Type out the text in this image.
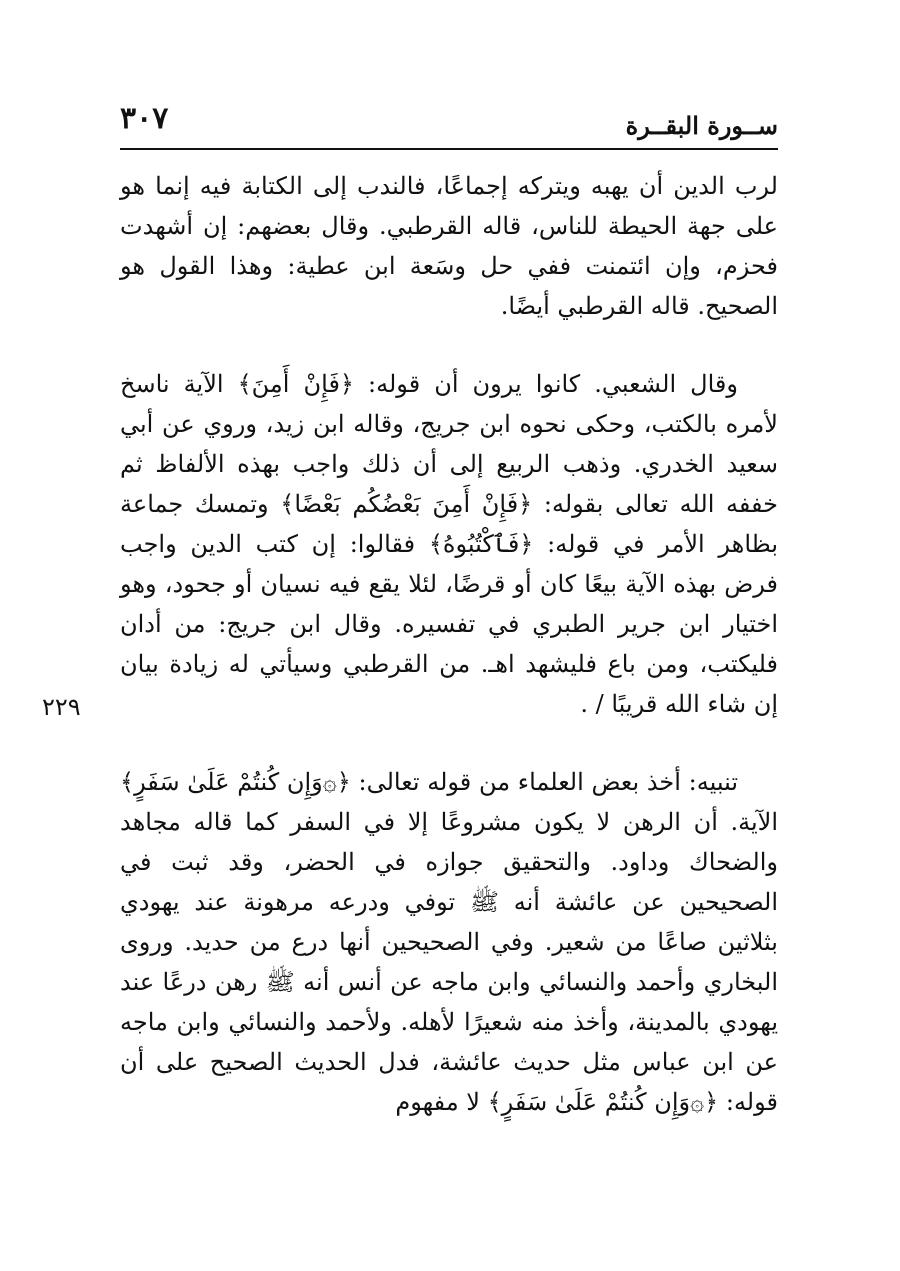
ســورة البقــرة
٣٠٧

لرب الدين أن يهبه ويتركه إجماعًا، فالندب إلى الكتابة فيه إنما هو على جهة الحيطة للناس، قاله القرطبي. وقال بعضهم: إن أشهدت فحزم، وإن ائتمنت ففي حل وسَعة ابن عطية: وهذا القول هو الصحيح. قاله القرطبي أيضًا.

وقال الشعبي. كانوا يرون أن قوله: ﴿فَإِنْ أَمِنَ﴾ الآية ناسخ لأمره بالكتب، وحكى نحوه ابن جريج، وقاله ابن زيد، وروي عن أبي سعيد الخدري. وذهب الربيع إلى أن ذلك واجب بهذه الألفاظ ثم خففه الله تعالى بقوله: ﴿فَإِنْ أَمِنَ بَعْضُكُم بَعْضًا﴾ وتمسك جماعة بظاهر الأمر في قوله: ﴿فَٱكْتُبُوهُ﴾ فقالوا: إن كتب الدين واجب فرض بهذه الآية بيعًا كان أو قرضًا، لئلا يقع فيه نسيان أو جحود، وهو اختيار ابن جرير الطبري في تفسيره. وقال ابن جريج: من أدان فليكتب، ومن باع فليشهد اهـ. من القرطبي وسيأتي له زيادة بيان إن شاء الله قريبًا / .

تنبيه: أخذ بعض العلماء من قوله تعالى: ﴿۞وَإِن كُنتُمْ عَلَىٰ سَفَرٍ﴾ الآية. أن الرهن لا يكون مشروعًا إلا في السفر كما قاله مجاهد والضحاك وداود. والتحقيق جوازه في الحضر، وقد ثبت في الصحيحين عن عائشة أنه ﷺ توفي ودرعه مرهونة عند يهودي بثلاثين صاعًا من شعير. وفي الصحيحين أنها درع من حديد. وروى البخاري وأحمد والنسائي وابن ماجه عن أنس أنه ﷺ رهن درعًا عند يهودي بالمدينة، وأخذ منه شعيرًا لأهله. ولأحمد والنسائي وابن ماجه عن ابن عباس مثل حديث عائشة، فدل الحديث الصحيح على أن قوله: ﴿۞وَإِن كُنتُمْ عَلَىٰ سَفَرٍ﴾ لا مفهوم

٢٢٩
